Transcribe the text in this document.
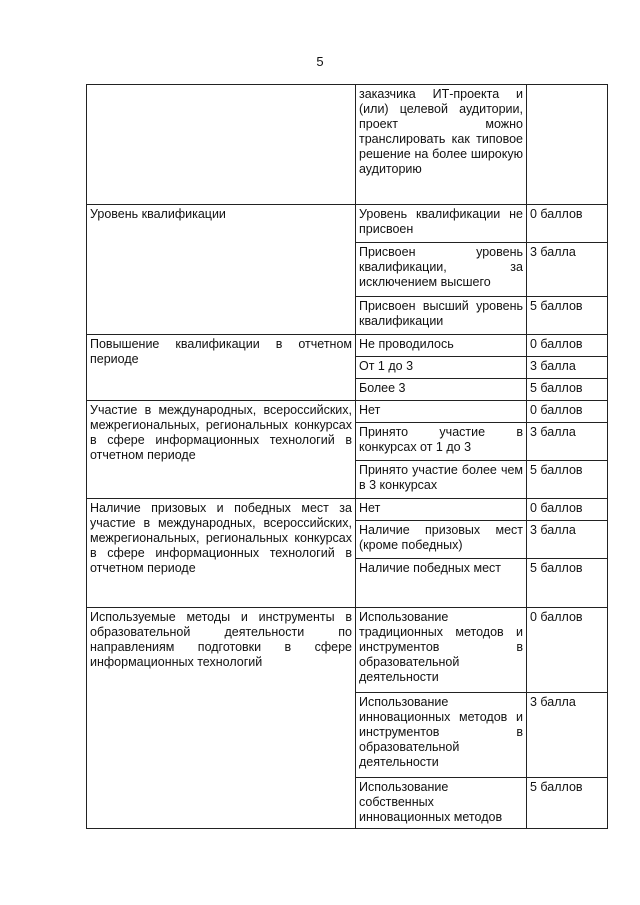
5
	заказчика ИТ-проекта и (или) целевой аудитории, проект можно транслировать как типовое решение на более широкую аудиторию	
Уровень квалификации	Уровень квалификации не присвоен	0 баллов
	Присвоен уровень квалификации, за исключением высшего	3 балла
	Присвоен высший уровень квалификации	5 баллов
Повышение квалификации в отчетном периоде	Не проводилось	0 баллов
	От 1 до 3	3 балла
	Более 3	5 баллов
Участие в международных, всероссийских, межрегиональных, региональных конкурсах в сфере информационных технологий в отчетном периоде	Нет	0 баллов
	Принято участие в конкурсах от 1 до 3	3 балла
	Принято участие более чем в 3 конкурсах	5 баллов
Наличие призовых и победных мест за участие в международных, всероссийских, межрегиональных, региональных конкурсах в сфере информационных технологий в отчетном периоде	Нет	0 баллов
	Наличие призовых мест (кроме победных)	3 балла
	Наличие победных мест	5 баллов
Используемые методы и инструменты в образовательной деятельности по направлениям подготовки в сфере информационных технологий	Использование традиционных методов и инструментов в образовательной деятельности	0 баллов
	Использование инновационных методов и инструментов в образовательной деятельности	3 балла
	Использование собственных инновационных методов	5 баллов
